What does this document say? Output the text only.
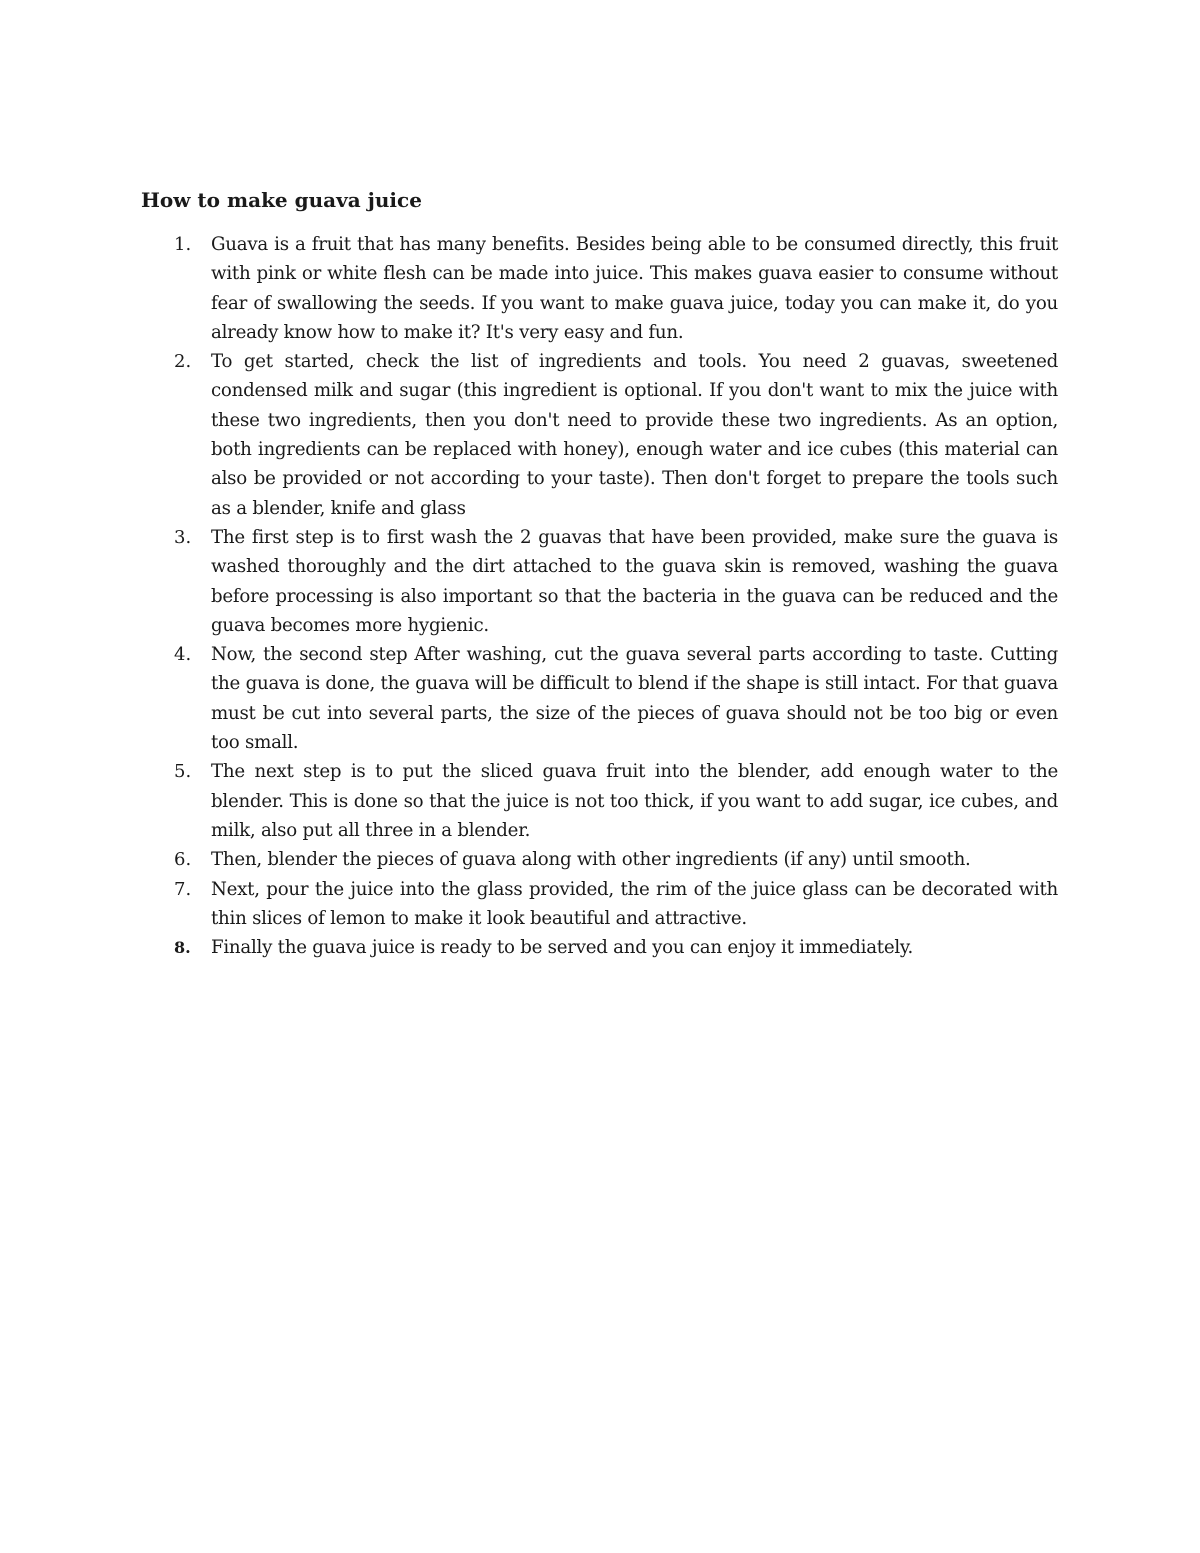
How to make guava juice
1. Guava is a fruit that has many benefits. Besides being able to be consumed directly, this fruit with pink or white flesh can be made into juice. This makes guava easier to consume without fear of swallowing the seeds. If you want to make guava juice, today you can make it, do you already know how to make it? It's very easy and fun.
2. To get started, check the list of ingredients and tools. You need 2 guavas, sweetened condensed milk and sugar (this ingredient is optional. If you don't want to mix the juice with these two ingredients, then you don't need to provide these two ingredients. As an option, both ingredients can be replaced with honey), enough water and ice cubes (this material can also be provided or not according to your taste). Then don't forget to prepare the tools such as a blender, knife and glass
3. The first step is to first wash the 2 guavas that have been provided, make sure the guava is washed thoroughly and the dirt attached to the guava skin is removed, washing the guava before processing is also important so that the bacteria in the guava can be reduced and the guava becomes more hygienic.
4. Now, the second step After washing, cut the guava several parts according to taste. Cutting the guava is done, the guava will be difficult to blend if the shape is still intact. For that guava must be cut into several parts, the size of the pieces of guava should not be too big or even too small.
5. The next step is to put the sliced guava fruit into the blender, add enough water to the blender. This is done so that the juice is not too thick, if you want to add sugar, ice cubes, and milk, also put all three in a blender.
6. Then, blender the pieces of guava along with other ingredients (if any) until smooth.
7. Next, pour the juice into the glass provided, the rim of the juice glass can be decorated with thin slices of lemon to make it look beautiful and attractive.
8. Finally the guava juice is ready to be served and you can enjoy it immediately.
